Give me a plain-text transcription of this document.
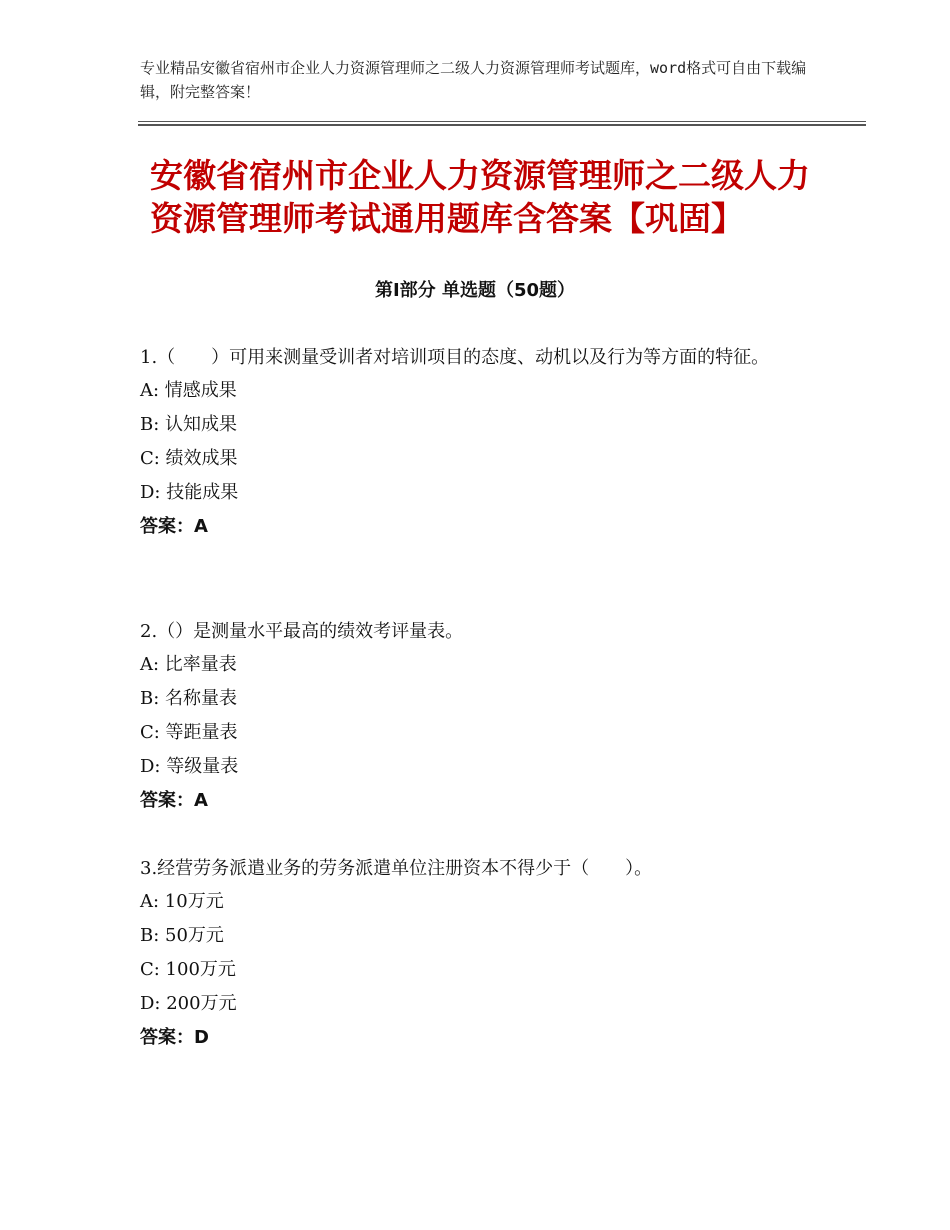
专业精品安徽省宿州市企业人力资源管理师之二级人力资源管理师考试题库，word格式可自由下载编辑，附完整答案！
安徽省宿州市企业人力资源管理师之二级人力资源管理师考试通用题库含答案【巩固】
第Ⅰ部分 单选题（50题）
1.（　　）可用来测量受训者对培训项目的态度、动机以及行为等方面的特征。
A: 情感成果
B: 认知成果
C: 绩效成果
D: 技能成果
答案：A
2.（）是测量水平最高的绩效考评量表。
A: 比率量表
B: 名称量表
C: 等距量表
D: 等级量表
答案：A
3.经营劳务派遣业务的劳务派遣单位注册资本不得少于（　　）。
A: 10万元
B: 50万元
C: 100万元
D: 200万元
答案：D
